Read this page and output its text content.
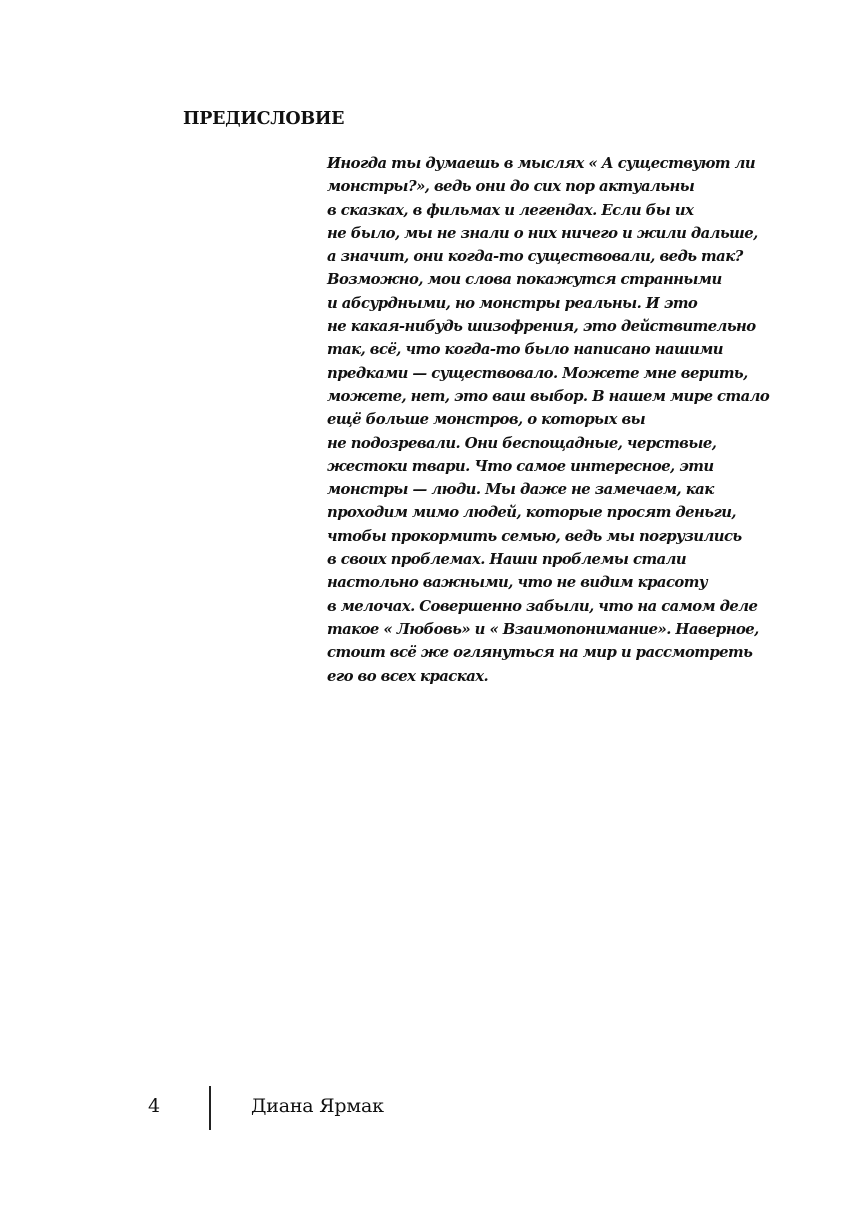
ПРЕДИСЛОВИЕ
Иногда ты думаешь в мыслях « А существуют ли
монстры?», ведь они до сих пор актуальны
в сказках, в фильмах и легендах. Если бы их
не было, мы не знали о них ничего и жили дальше,
а значит, они когда-то существовали, ведь так?
Возможно, мои слова покажутся странными
и абсурдными, но монстры реальны. И это
не какая-нибудь шизофрения, это действительно
так, всё, что когда-то было написано нашими
предками — существовало. Можете мне верить,
можете, нет, это ваш выбор. В нашем мире стало
ещё больше монстров, о которых вы
не подозревали. Они беспощадные, черствые,
жестоки твари. Что самое интересное, эти
монстры — люди. Мы даже не замечаем, как
проходим мимо людей, которые просят деньги,
чтобы прокормить семью, ведь мы погрузились
в своих проблемах. Наши проблемы стали
настольно важными, что не видим красоту
в мелочах. Совершенно забыли, что на самом деле
такое « Любовь» и « Взаимопонимание». Наверное,
стоит всё же оглянуться на мир и рассмотреть
его во всех красках.
4	Диана Ярмак
